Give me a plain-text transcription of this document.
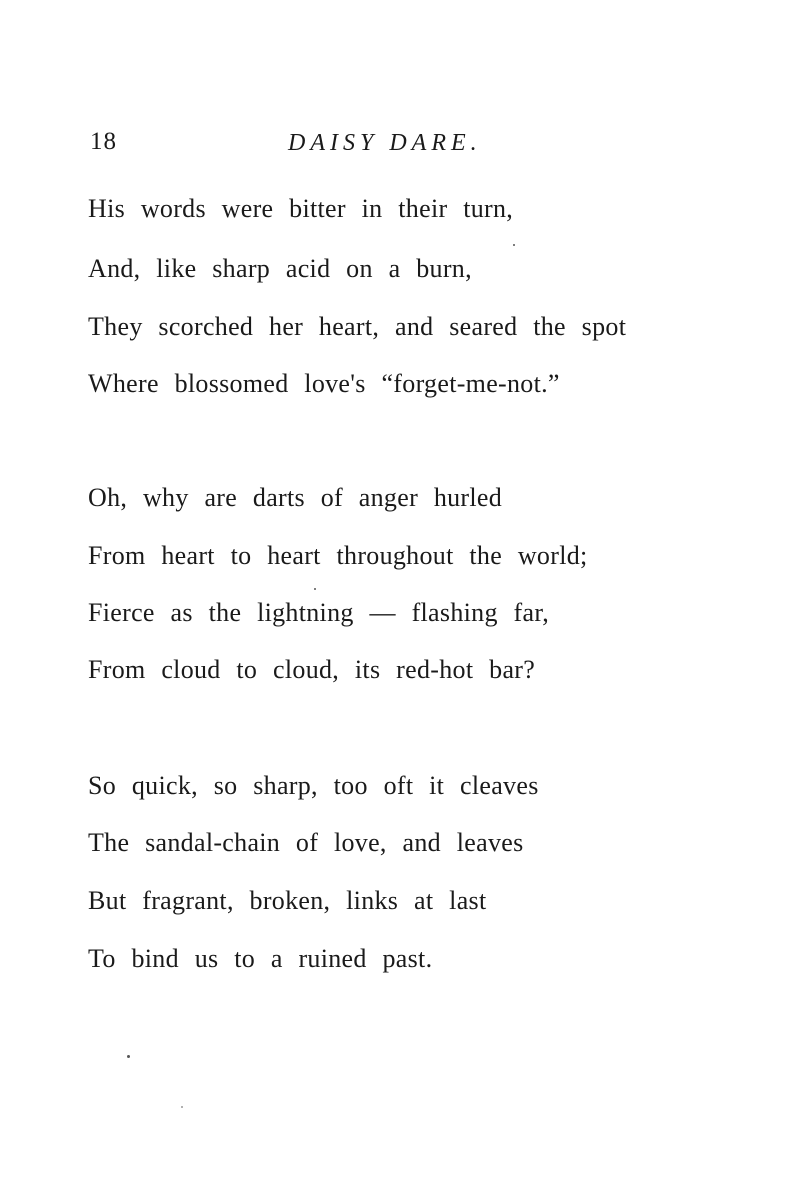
18	DAISY DARE.
His words were bitter in their turn,
And, like sharp acid on a burn,
They scorched her heart, and seared the spot
Where blossomed love's “forget-me-not.”
Oh, why are darts of anger hurled
From heart to heart throughout the world;
Fierce as the lightning — flashing far,
From cloud to cloud, its red-hot bar?
So quick, so sharp, too oft it cleaves
The sandal-chain of love, and leaves
But fragrant, broken, links at last
To bind us to a ruined past.
